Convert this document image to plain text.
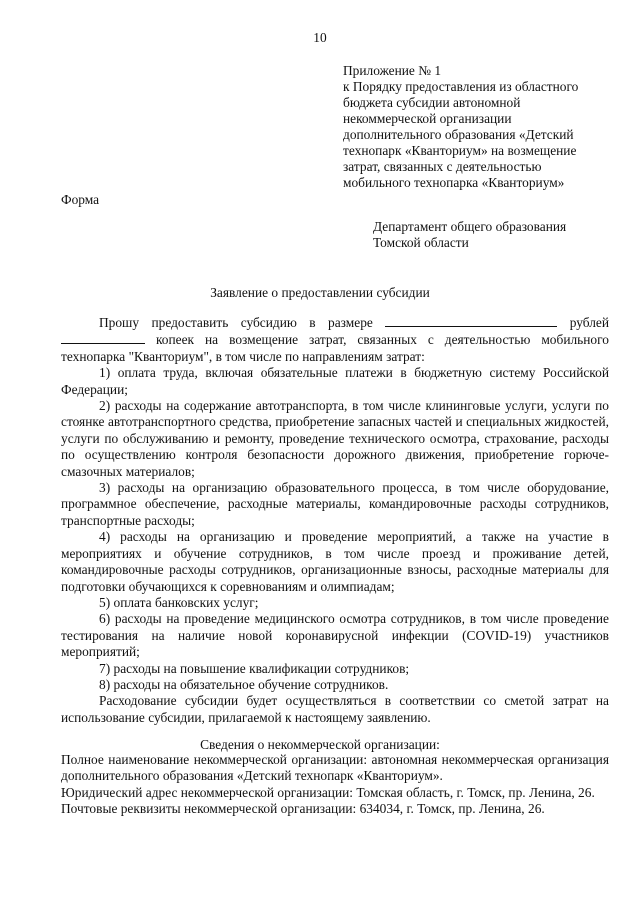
10
Приложение № 1
к Порядку предоставления из областного
бюджета субсидии автономной
некоммерческой организации
дополнительного образования «Детский
технопарк «Кванториум» на возмещение
затрат, связанных с деятельностью
мобильного технопарка «Кванториум»
Форма
Департамент общего образования
Томской области
Заявление о предоставлении субсидии

Прошу предоставить субсидию в размере	рублей  копеек на возмещение затрат, связанных с деятельностью мобильного технопарка "Кванториум", в том числе по направлениям затрат:

1) оплата труда, включая обязательные платежи в бюджетную систему Российской Федерации;

2) расходы на содержание автотранспорта, в том числе клининговые услуги, услуги по стоянке автотранспортного средства, приобретение запасных частей и специальных жидкостей, услуги по обслуживанию и ремонту, проведение технического осмотра, страхование, расходы по осуществлению контроля безопасности дорожного движения, приобретение горюче-смазочных материалов;

3) расходы на организацию образовательного процесса, в том числе оборудование, программное обеспечение, расходные материалы, командировочные расходы сотрудников, транспортные расходы;

4) расходы на организацию и проведение мероприятий, а также на участие в мероприятиях и обучение сотрудников, в том числе проезд и проживание детей, командировочные расходы сотрудников, организационные взносы, расходные материалы для подготовки обучающихся к соревнованиям и олимпиадам;

5) оплата банковских услуг;

6) расходы на проведение медицинского осмотра сотрудников, в том числе проведение тестирования на наличие новой коронавирусной инфекции (COVID-19) участников мероприятий;

7) расходы на повышение квалификации сотрудников;

8) расходы на обязательное обучение сотрудников.

Расходование субсидии будет осуществляться в соответствии со сметой затрат на использование субсидии, прилагаемой к настоящему заявлению.

Сведения о некоммерческой организации:

Полное наименование некоммерческой организации: автономная некоммерческая организация дополнительного образования «Детский технопарк «Кванториум».

Юридический адрес некоммерческой организации: Томская область, г. Томск, пр. Ленина, 26.

Почтовые реквизиты некоммерческой организации: 634034, г. Томск, пр. Ленина, 26.
